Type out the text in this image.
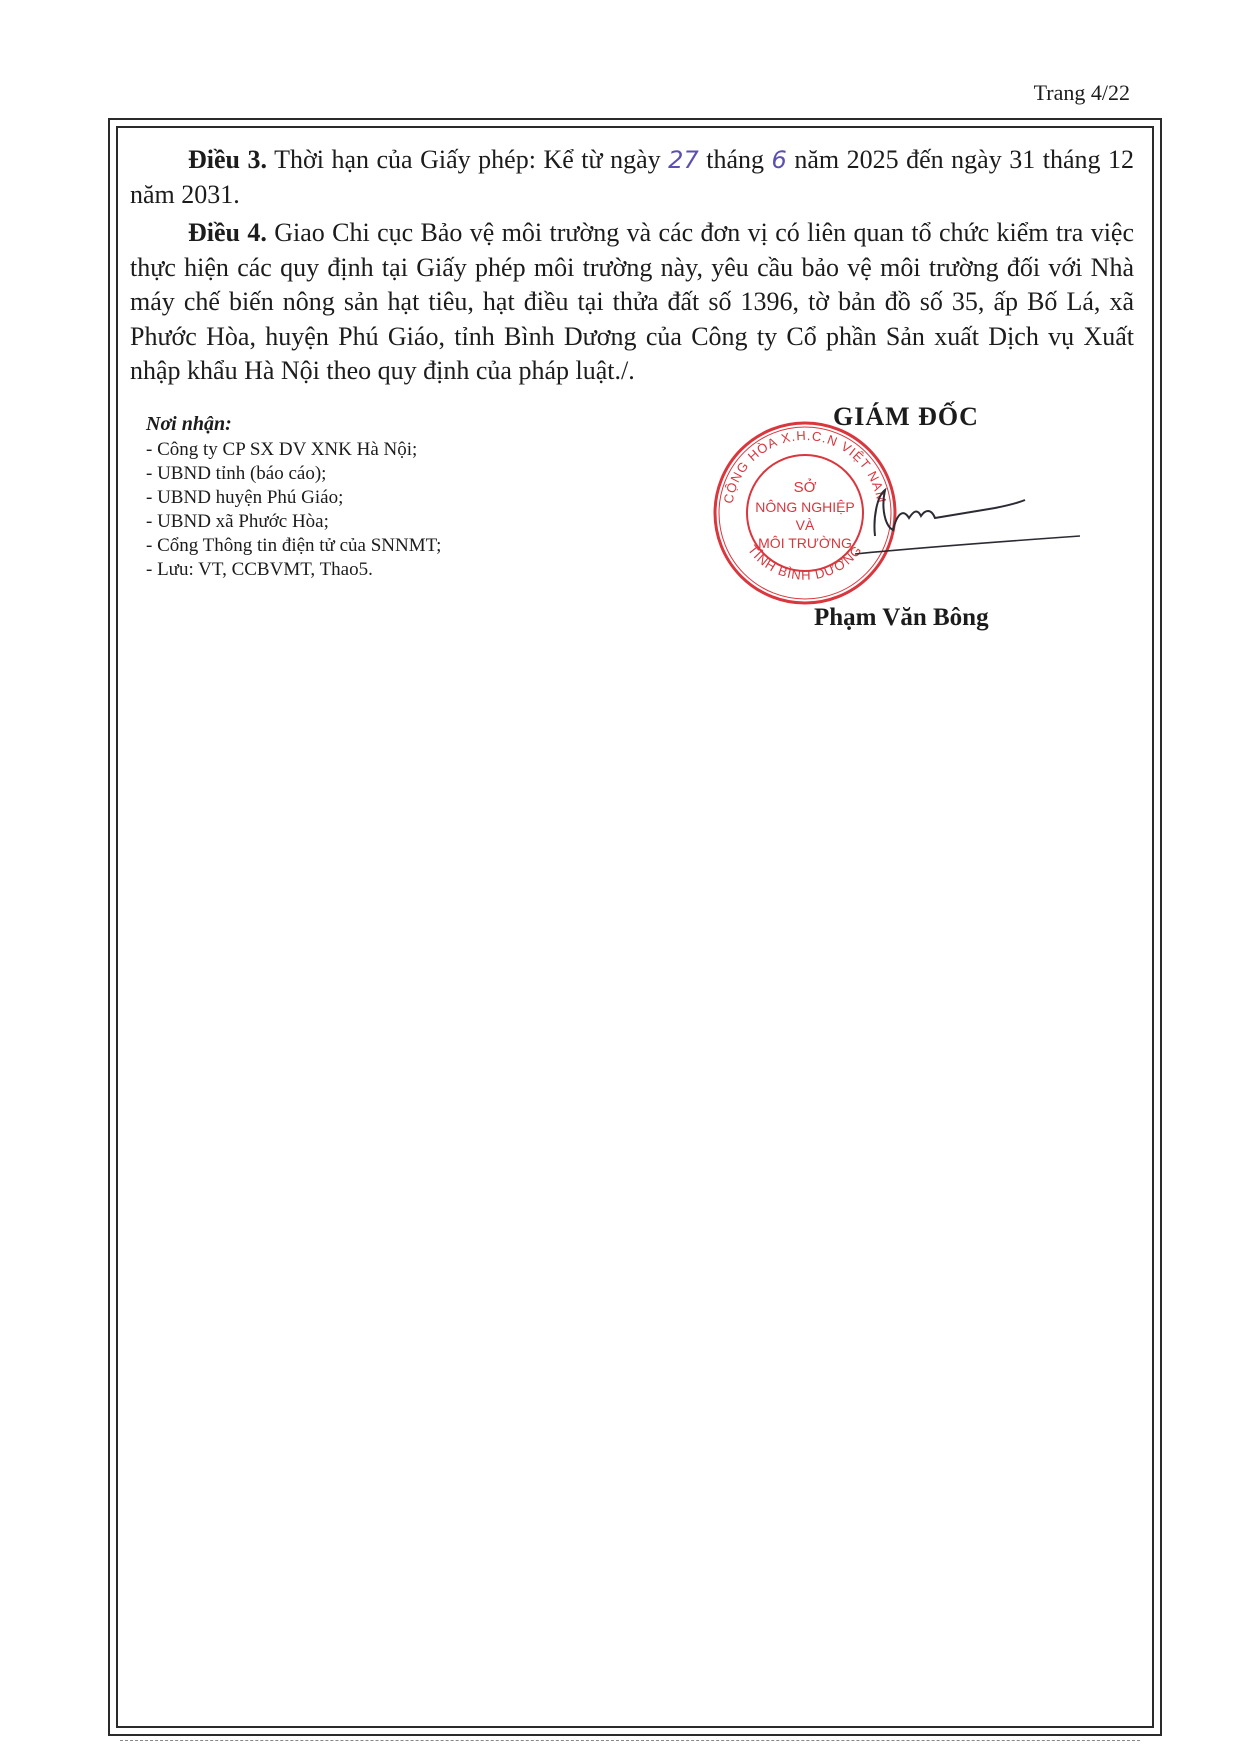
Trang 4/22

Điều 3. Thời hạn của Giấy phép: Kể từ ngày 27 tháng 6 năm 2025 đến ngày 31 tháng 12 năm 2031.

Điều 4. Giao Chi cục Bảo vệ môi trường và các đơn vị có liên quan tổ chức kiểm tra việc thực hiện các quy định tại Giấy phép môi trường này, yêu cầu bảo vệ môi trường đối với Nhà máy chế biến nông sản hạt tiêu, hạt điều tại thửa đất số 1396, tờ bản đồ số 35, ấp Bố Lá, xã Phước Hòa, huyện Phú Giáo, tỉnh Bình Dương của Công ty Cổ phần Sản xuất Dịch vụ Xuất nhập khẩu Hà Nội theo quy định của pháp luật./.

Nơi nhận:
- Công ty CP SX DV XNK Hà Nội;
- UBND tỉnh (báo cáo);
- UBND huyện Phú Giáo;
- UBND xã Phước Hòa;
- Cổng Thông tin điện tử của SNNMT;
- Lưu: VT, CCBVMT, Thao5.
GIÁM ĐỐC
CỘNG HÒA X.H.C.N VIỆT NAM
TỈNH BÌNH DƯƠNG
SỞ
NÔNG NGHIỆP
VÀ
MÔI TRƯỜNG
Phạm Văn Bông
